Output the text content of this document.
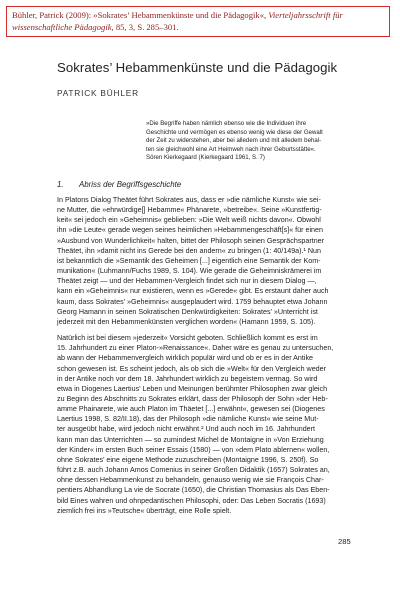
Bühler, Patrick (2009): »Sokrates’ Hebammenkünste und die Pädagogik«, Vierteljahrsschrift für
wissenschaftliche Pädagogik, 85, 3, S. 285–301.
Sokrates’ Hebammenkünste und die Pädagogik
PATRICK BÜHLER
»Die Begriffe haben nämlich ebenso wie die Individuen ihre
Geschichte und vermögen es ebenso wenig wie diese der Gewalt
der Zeit zu widerstehen, aber bei alledem und mit alledem behal-
ten sie gleichwohl eine Art Heimweh nach ihrer Geburtsstätte«.
Sören Kierkegaard (Kierkegaard 1961, S. 7)
1. Abriss der Begriffsgeschichte
In Platons Dialog Theätet führt Sokrates aus, dass er »die nämliche Kunst« wie sei-
ne Mutter, die »ehrwürdige[] Hebamme« Phänarete, »betreibe«. Seine »Kunstfertig-
keit« sei jedoch ein »Geheimnis« geblieben: »Die Welt weiß nichts davon«. Obwohl
ihn »die Leute« gerade wegen seines heimlichen »Hebammengeschäft[s]« für einen
»Ausbund von Wunderlichkeit« halten, bittet der Philosoph seinen Gesprächspartner
Theätet, ihn »damit nicht ins Gerede bei den andern« zu bringen (1: 40/149a).¹ Nun
ist bekanntlich die »Semantik des Geheimen [...] eigentlich eine Semantik der Kom-
munikation« (Luhmann/Fuchs 1989, S. 104). Wie gerade die Geheimniskrämerei im
Theätet zeigt — und der Hebammen-Vergleich findet sich nur in diesem Dialog —,
kann ein »Geheimnis« nur existieren, wenn es »Gerede« gibt. Es erstaunt daher auch
kaum, dass Sokrates’ »Geheimnis« ausgeplaudert wird. 1759 behauptet etwa Johann
Georg Hamann in seinen Sokratischen Denkwürdigkeiten: Sokrates’ »Unterricht ist
jederzeit mit den Hebammenkünsten verglichen worden« (Hamann 1959, S. 105).
Natürlich ist bei diesem »jederzeit« Vorsicht geboten. Schließlich kommt es erst im
15. Jahrhundert zu einer Platon-»Renaissance«. Daher wäre es genau zu untersuchen,
ab wann der Hebammenvergleich wirklich populär wird und ob er es in der Antike
schon gewesen ist. Es scheint jedoch, als ob sich die »Welt« für den Vergleich weder
in der Antike noch vor dem 18. Jahrhundert wirklich zu begeistern vermag. So wird
etwa in Diogenes Laertius’ Leben und Meinungen berühmter Philosophen zwar gleich
zu Beginn des Abschnitts zu Sokrates erklärt, dass der Philosoph der Sohn »der Heb-
amme Phainarete, wie auch Platon im Thäetet [...] erwähnt«, gewesen sei (Diogenes
Laertius 1998, S. 82/II.18), das der Philosoph »die nämliche Kunst« wie seine Mut-
ter ausgeübt habe, wird jedoch nicht erwähnt.² Und auch noch im 16. Jahrhundert
kann man das Unterrichten — so zumindest Michel de Montaigne in »Von Erziehung
der Kinder« im ersten Buch seiner Essais (1580) — von »dem Plato ablernen« wollen,
ohne Sokrates’ eine eigene Methode zuzuschreiben (Montaigne 1996, S. 250f). So
führt z.B. auch Johann Amos Comenius in seiner Großen Didaktik (1657) Sokrates an,
ohne dessen Hebammenkunst zu behandeln, genauso wenig wie sie François Char-
pentiers Abhandlung La vie de Socrate (1650), die Christian Thomasius als Das Eben-
bild Eines wahren und ohnpedantischen Philosophi, oder: Das Leben Socratis (1693)
ziemlich frei ins »Teutsche« überträgt, eine Rolle spielt.
285
